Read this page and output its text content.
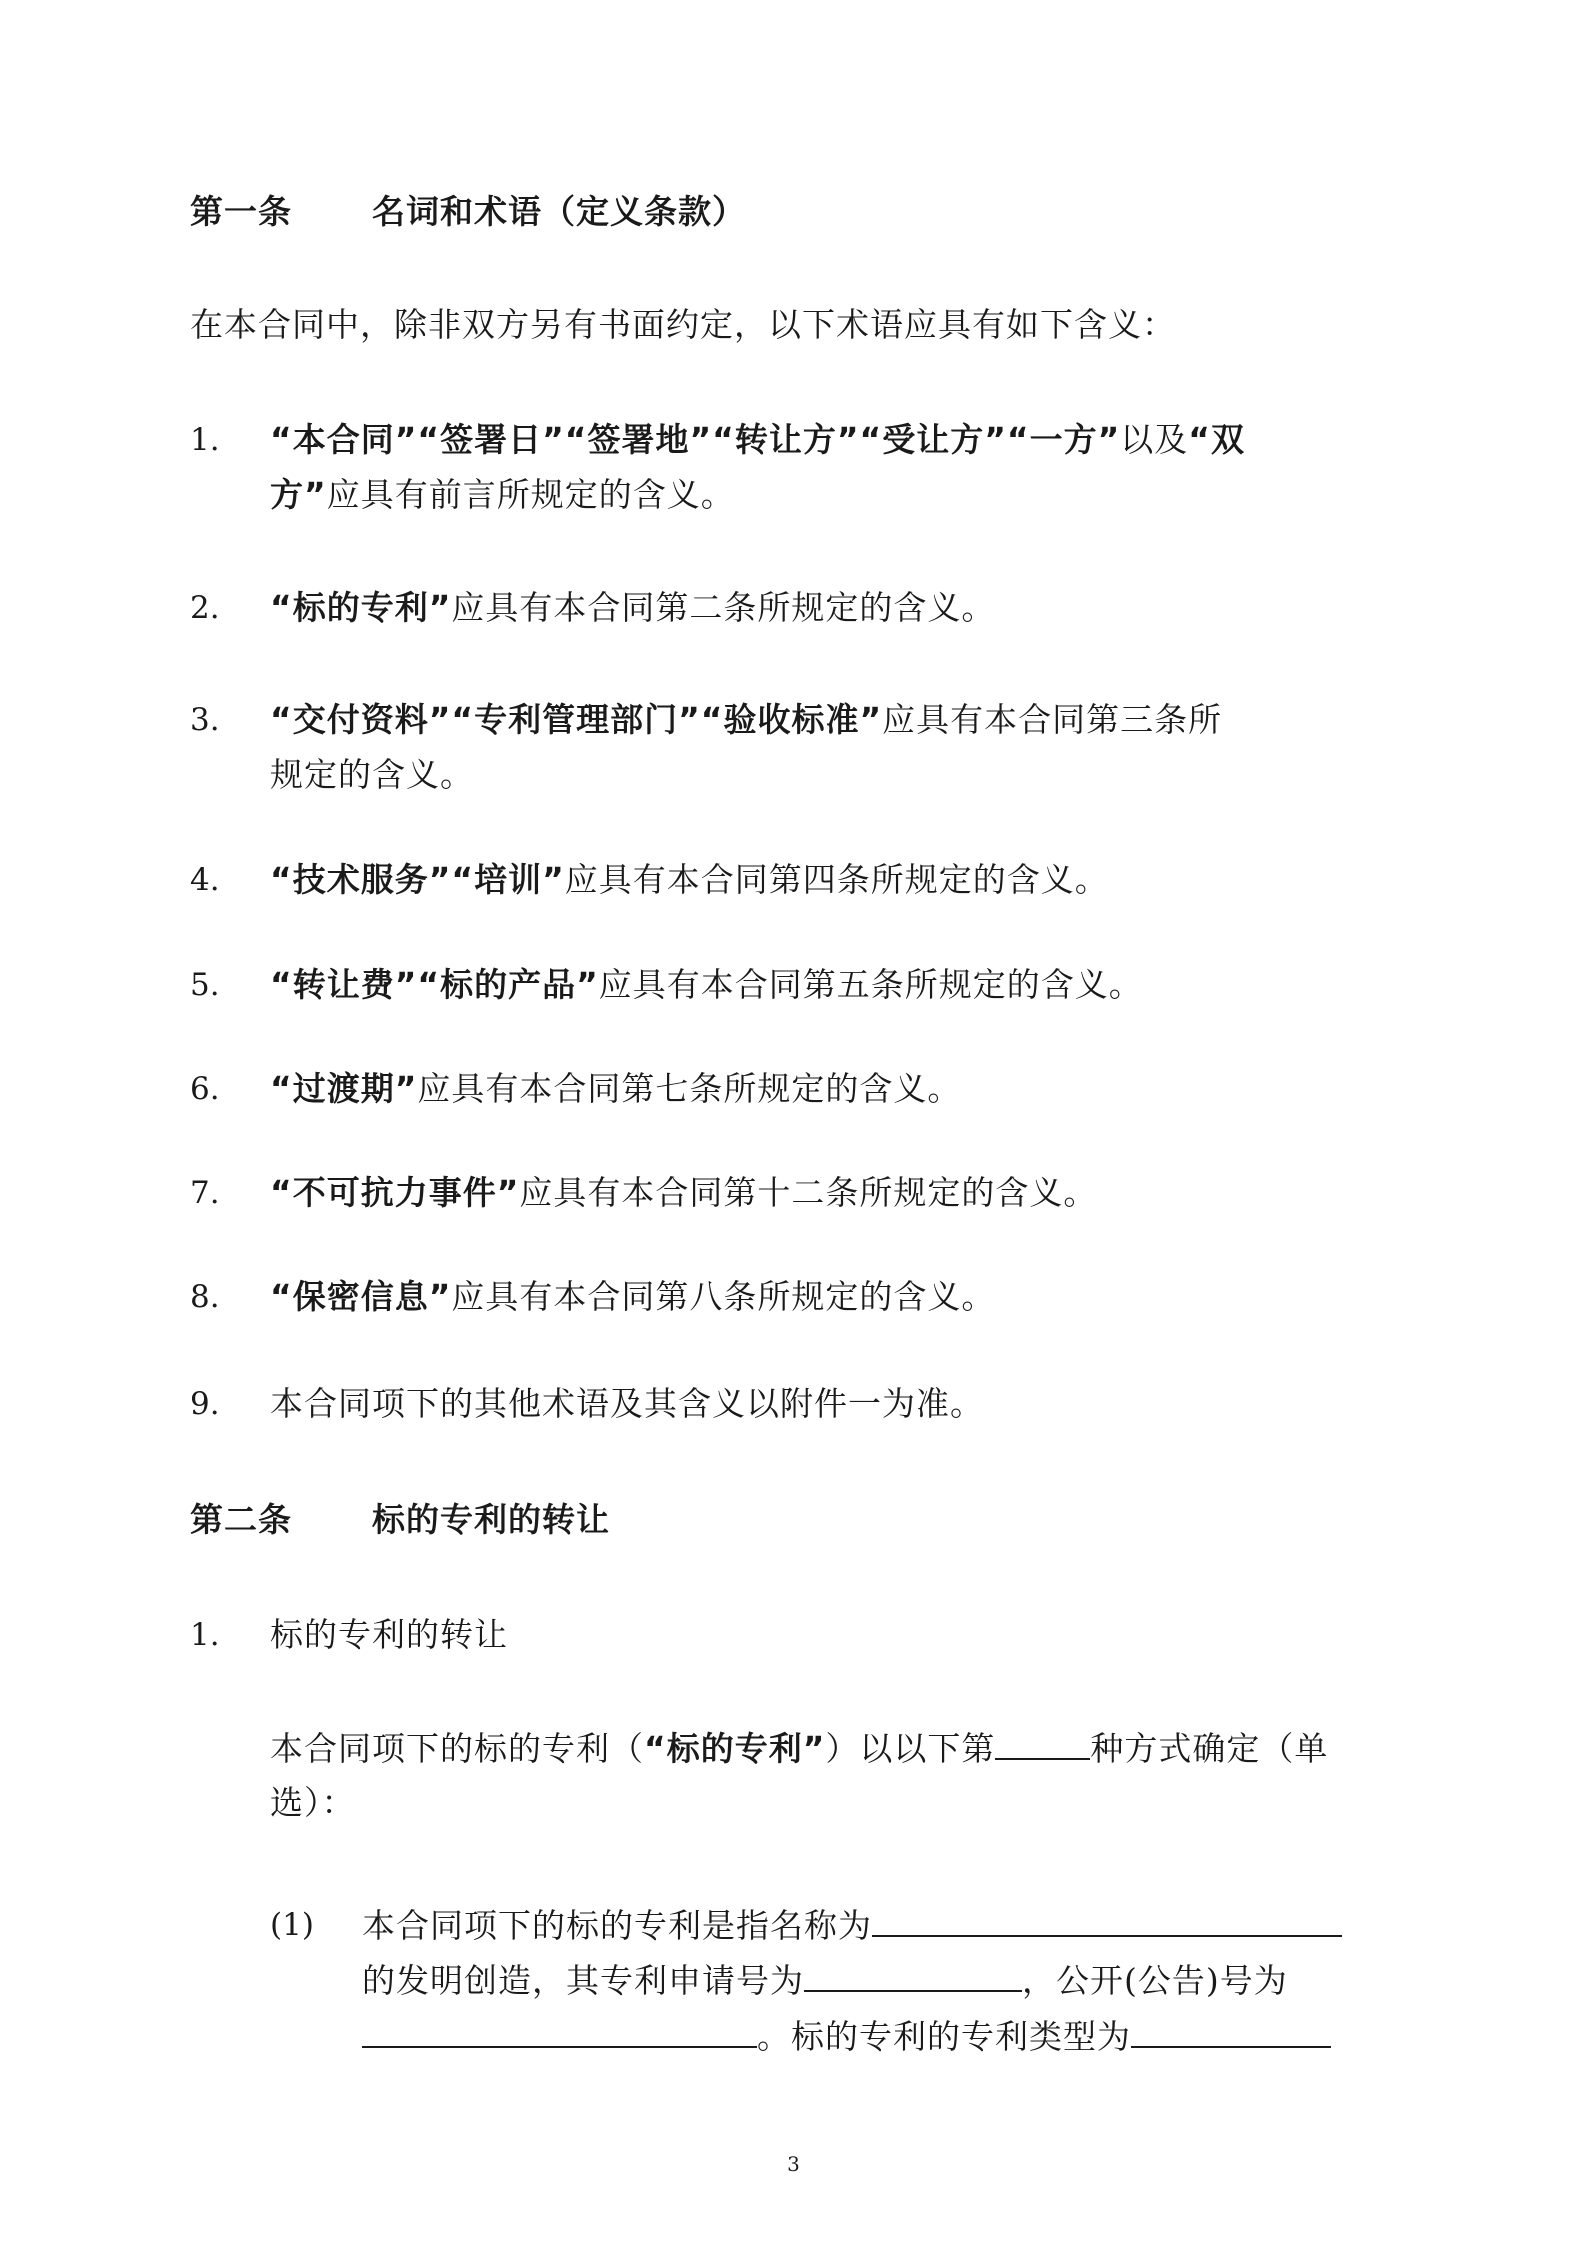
第一条 名词和术语（定义条款）
在本合同中，除非双方另有书面约定，以下术语应具有如下含义：
1. “本合同”“签署日”“签署地”“转让方”“受让方”“一方”以及“双
方”应具有前言所规定的含义。
2. “标的专利”应具有本合同第二条所规定的含义。
3. “交付资料”“专利管理部门”“验收标准”应具有本合同第三条所
规定的含义。
4. “技术服务”“培训”应具有本合同第四条所规定的含义。
5. “转让费”“标的产品”应具有本合同第五条所规定的含义。
6. “过渡期”应具有本合同第七条所规定的含义。
7. “不可抗力事件”应具有本合同第十二条所规定的含义。
8. “保密信息”应具有本合同第八条所规定的含义。
9. 本合同项下的其他术语及其含义以附件一为准。
第二条 标的专利的转让
1. 标的专利的转让
本合同项下的标的专利（“标的专利”）以以下第	种方式确定（单
选）：
(1) 本合同项下的标的专利是指名称为
的发明创造，其专利申请号为	，公开(公告)号为
。标的专利的专利类型为
3
